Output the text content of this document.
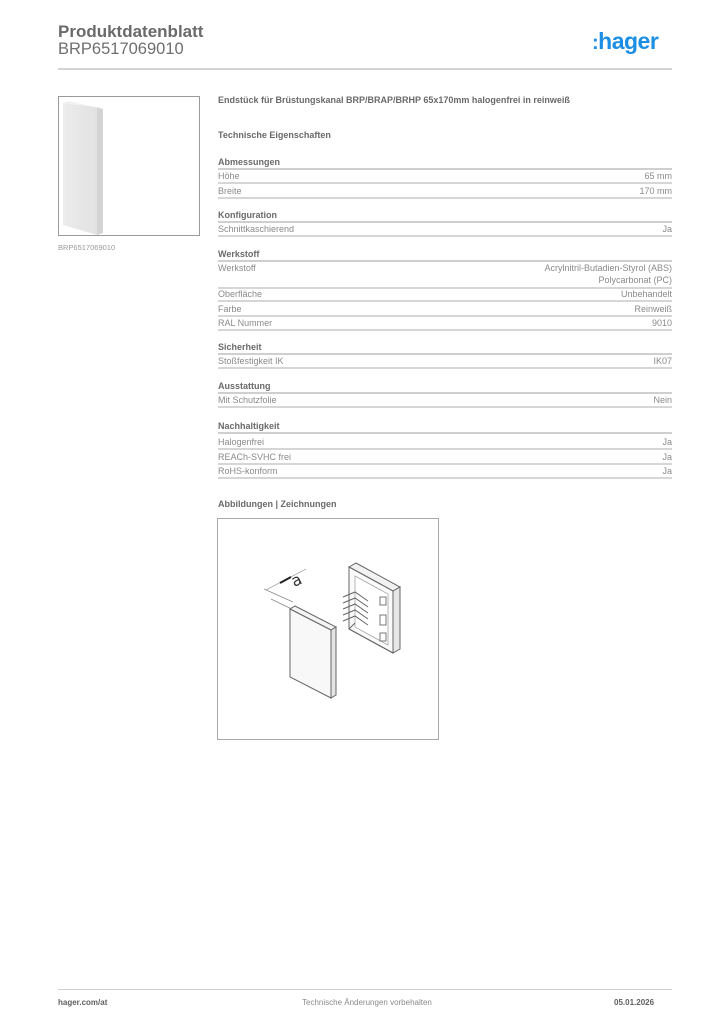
Produktdatenblatt
BRP6517069010	:hager
BRP6517069010
Endstück für Brüstungskanal BRP/BRAP/BRHP 65x170mm halogenfrei in reinweiß
Technische Eigenschaften
Abmessungen
Höhe	65 mm
Breite	170 mm
Konfiguration
Schnittkaschierend	Ja
Werkstoff
Werkstoff	Acrylnitril-Butadien-Styrol (ABS)
Polycarbonat (PC)
Oberfläche	Unbehandelt
Farbe	Reinweiß
RAL Nummer	9010
Sicherheit
Stoßfestigkeit IK	IK07
Ausstattung
Mit Schutzfolie	Nein
Nachhaltigkeit
Halogenfrei	Ja
REACh-SVHC frei	Ja
RoHS-konform	Ja
Abbildungen | Zeichnungen
a
hager.com/at	Technische Änderungen vorbehalten	05.01.2026
